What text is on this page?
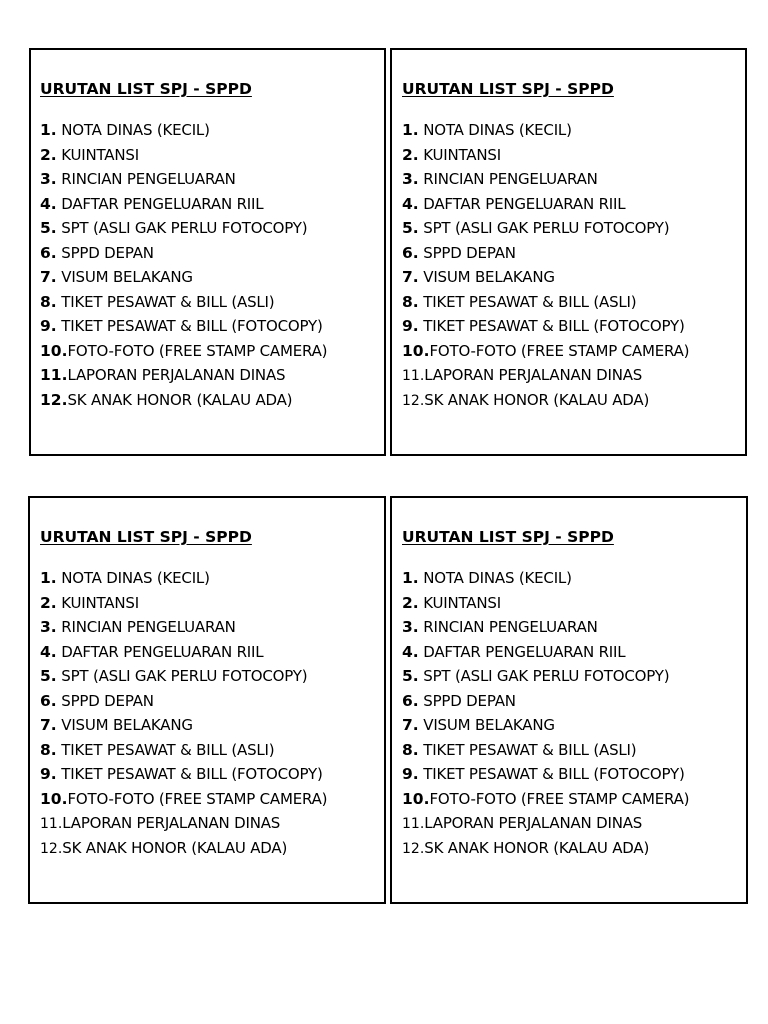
URUTAN LIST SPJ - SPPD
1. NOTA DINAS (KECIL)
2. KUINTANSI
3. RINCIAN PENGELUARAN
4. DAFTAR PENGELUARAN RIIL
5. SPT (ASLI GAK PERLU FOTOCOPY)
6. SPPD DEPAN
7. VISUM BELAKANG
8. TIKET PESAWAT & BILL (ASLI)
9. TIKET PESAWAT & BILL (FOTOCOPY)
10.FOTO-FOTO (FREE STAMP CAMERA)
11.LAPORAN PERJALANAN DINAS
12.SK ANAK HONOR (KALAU ADA)
URUTAN LIST SPJ - SPPD
1. NOTA DINAS (KECIL)
2. KUINTANSI
3. RINCIAN PENGELUARAN
4. DAFTAR PENGELUARAN RIIL
5. SPT (ASLI GAK PERLU FOTOCOPY)
6. SPPD DEPAN
7. VISUM BELAKANG
8. TIKET PESAWAT & BILL (ASLI)
9. TIKET PESAWAT & BILL (FOTOCOPY)
10.FOTO-FOTO (FREE STAMP CAMERA)
11.LAPORAN PERJALANAN DINAS
12.SK ANAK HONOR (KALAU ADA)
URUTAN LIST SPJ - SPPD
1. NOTA DINAS (KECIL)
2. KUINTANSI
3. RINCIAN PENGELUARAN
4. DAFTAR PENGELUARAN RIIL
5. SPT (ASLI GAK PERLU FOTOCOPY)
6. SPPD DEPAN
7. VISUM BELAKANG
8. TIKET PESAWAT & BILL (ASLI)
9. TIKET PESAWAT & BILL (FOTOCOPY)
10.FOTO-FOTO (FREE STAMP CAMERA)
11.LAPORAN PERJALANAN DINAS
12.SK ANAK HONOR (KALAU ADA)
URUTAN LIST SPJ - SPPD
1. NOTA DINAS (KECIL)
2. KUINTANSI
3. RINCIAN PENGELUARAN
4. DAFTAR PENGELUARAN RIIL
5. SPT (ASLI GAK PERLU FOTOCOPY)
6. SPPD DEPAN
7. VISUM BELAKANG
8. TIKET PESAWAT & BILL (ASLI)
9. TIKET PESAWAT & BILL (FOTOCOPY)
10.FOTO-FOTO (FREE STAMP CAMERA)
11.LAPORAN PERJALANAN DINAS
12.SK ANAK HONOR (KALAU ADA)
